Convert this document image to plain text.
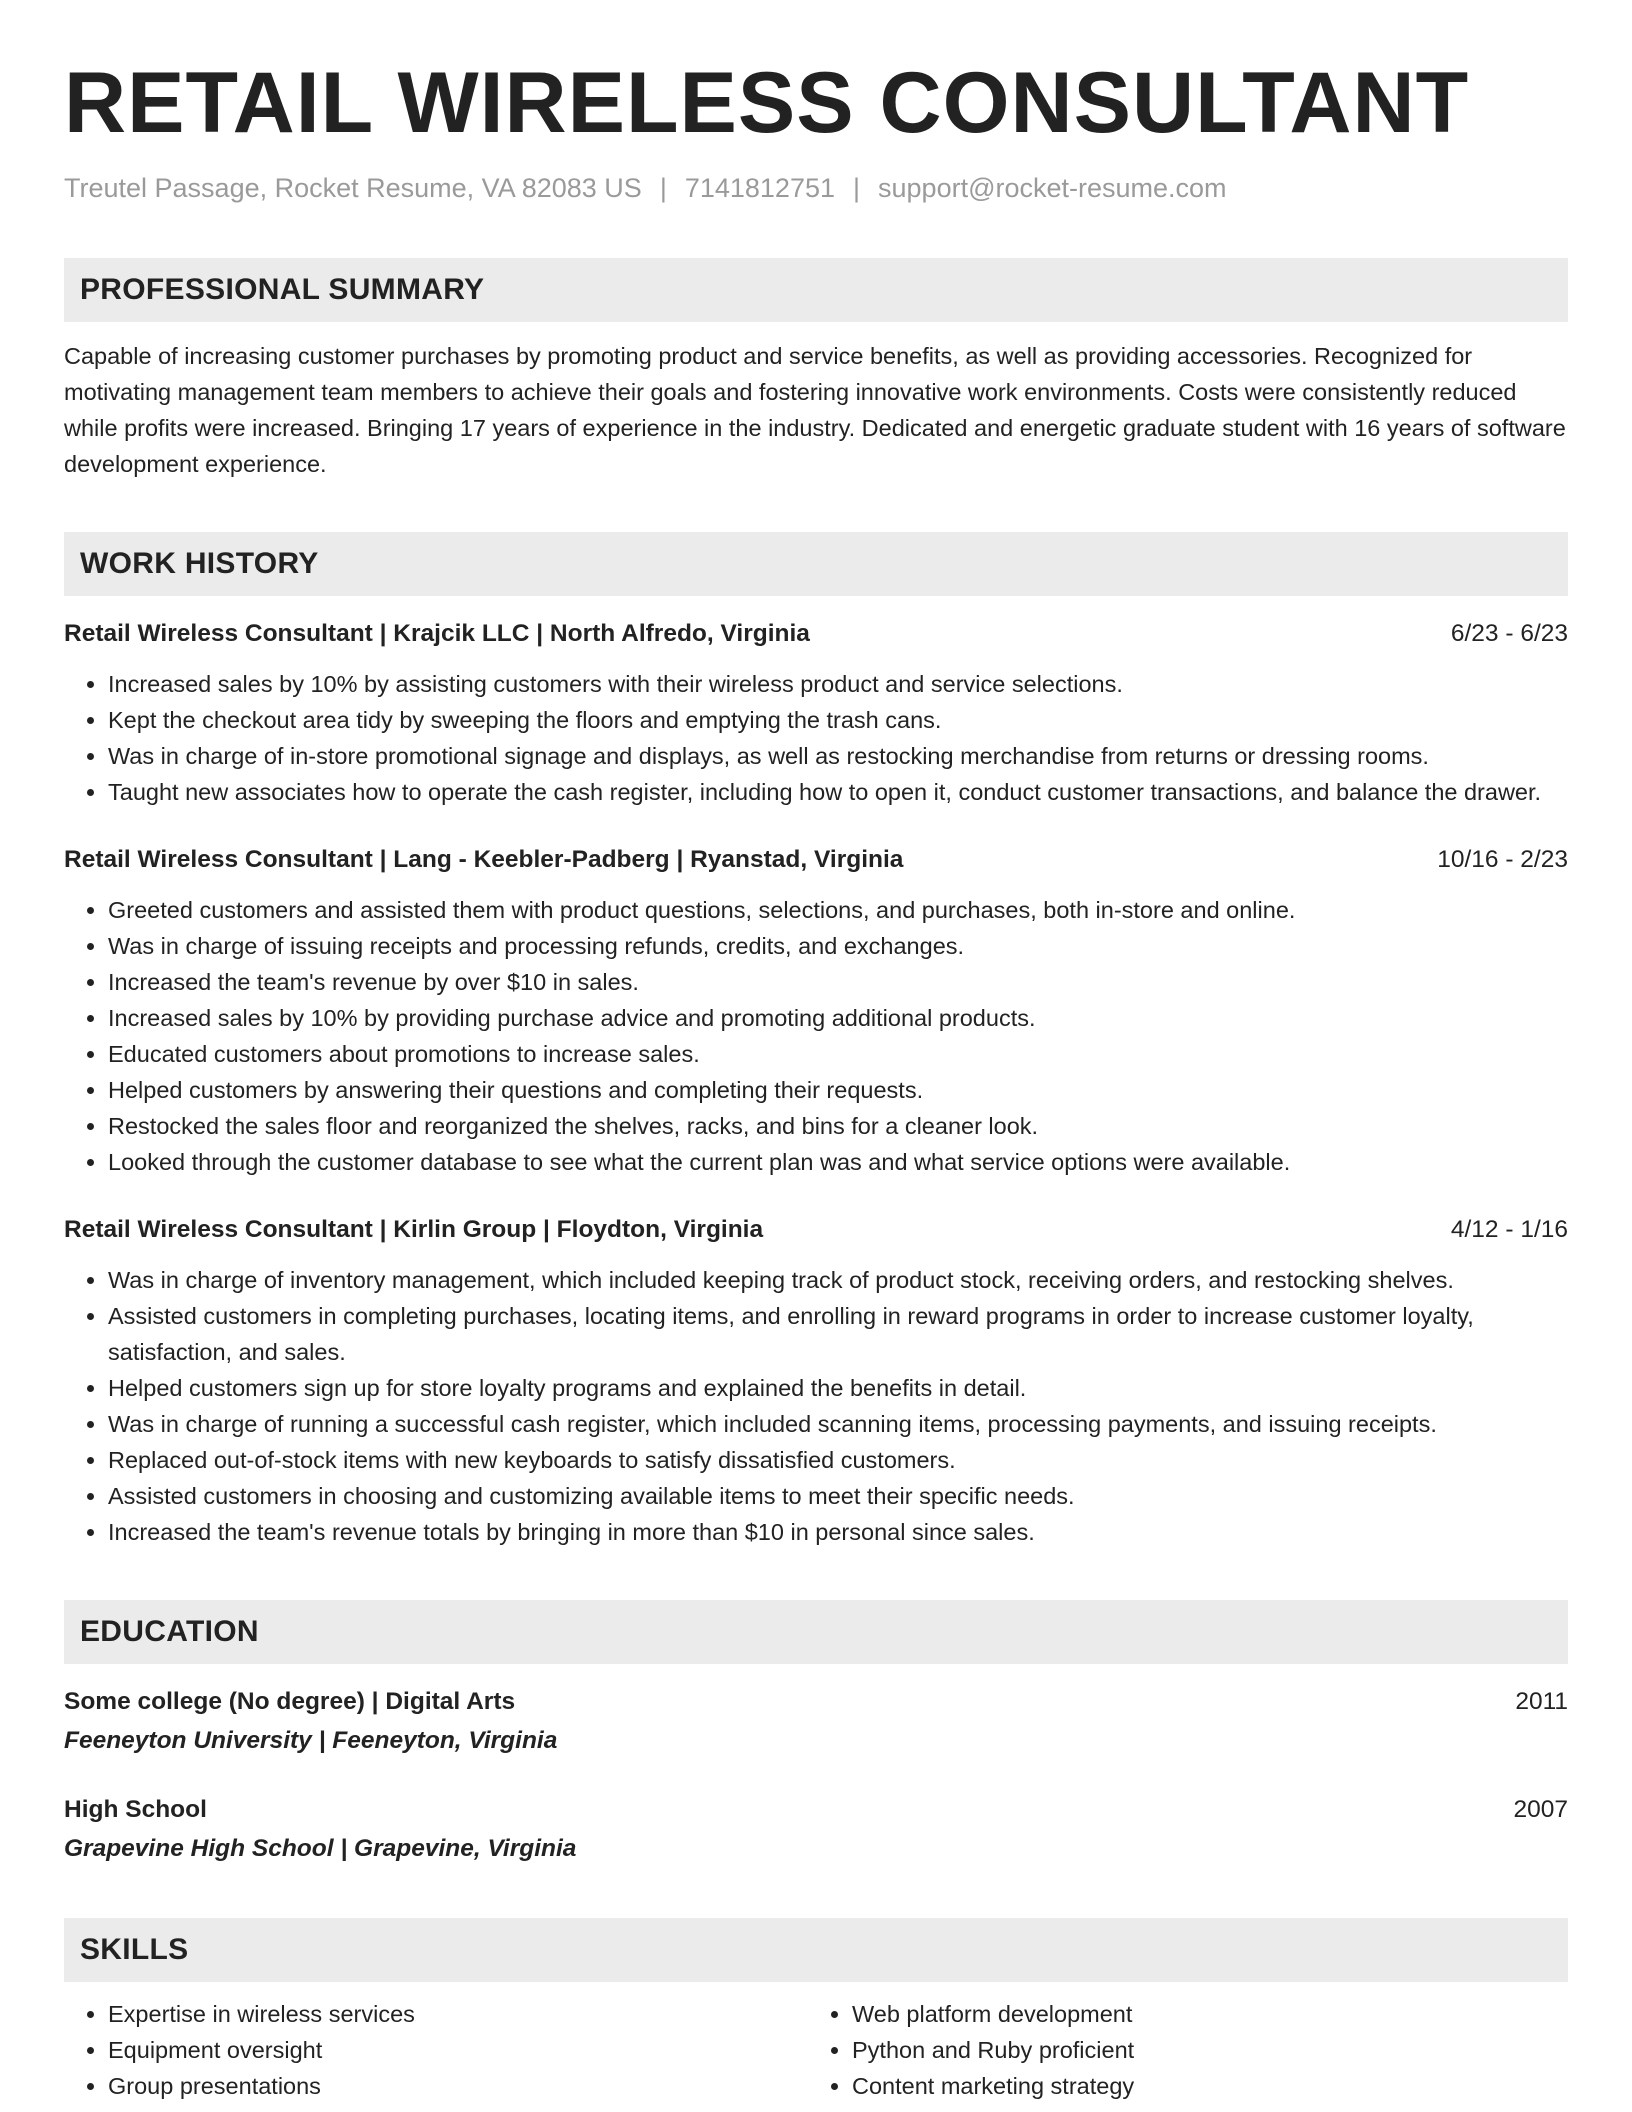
RETAIL WIRELESS CONSULTANT
Treutel Passage, Rocket Resume, VA 82083 US | 7141812751 | support@rocket-resume.com
PROFESSIONAL SUMMARY
Capable of increasing customer purchases by promoting product and service benefits, as well as providing accessories. Recognized for motivating management team members to achieve their goals and fostering innovative work environments. Costs were consistently reduced while profits were increased. Bringing 17 years of experience in the industry. Dedicated and energetic graduate student with 16 years of software development experience.
WORK HISTORY
Retail Wireless Consultant | Krajcik LLC | North Alfredo, Virginia	6/23 - 6/23
• Increased sales by 10% by assisting customers with their wireless product and service selections.
• Kept the checkout area tidy by sweeping the floors and emptying the trash cans.
• Was in charge of in-store promotional signage and displays, as well as restocking merchandise from returns or dressing rooms.
• Taught new associates how to operate the cash register, including how to open it, conduct customer transactions, and balance the drawer.
Retail Wireless Consultant | Lang - Keebler-Padberg | Ryanstad, Virginia	10/16 - 2/23
• Greeted customers and assisted them with product questions, selections, and purchases, both in-store and online.
• Was in charge of issuing receipts and processing refunds, credits, and exchanges.
• Increased the team's revenue by over $10 in sales.
• Increased sales by 10% by providing purchase advice and promoting additional products.
• Educated customers about promotions to increase sales.
• Helped customers by answering their questions and completing their requests.
• Restocked the sales floor and reorganized the shelves, racks, and bins for a cleaner look.
• Looked through the customer database to see what the current plan was and what service options were available.
Retail Wireless Consultant | Kirlin Group | Floydton, Virginia	4/12 - 1/16
• Was in charge of inventory management, which included keeping track of product stock, receiving orders, and restocking shelves.
• Assisted customers in completing purchases, locating items, and enrolling in reward programs in order to increase customer loyalty, satisfaction, and sales.
• Helped customers sign up for store loyalty programs and explained the benefits in detail.
• Was in charge of running a successful cash register, which included scanning items, processing payments, and issuing receipts.
• Replaced out-of-stock items with new keyboards to satisfy dissatisfied customers.
• Assisted customers in choosing and customizing available items to meet their specific needs.
• Increased the team's revenue totals by bringing in more than $10 in personal since sales.
EDUCATION
Some college (No degree) | Digital Arts	2011
Feeneyton University | Feeneyton, Virginia
High School	2007
Grapevine High School | Grapevine, Virginia
SKILLS
• Expertise in wireless services
• Equipment oversight
• Group presentations
• Web platform development
• Python and Ruby proficient
• Content marketing strategy
